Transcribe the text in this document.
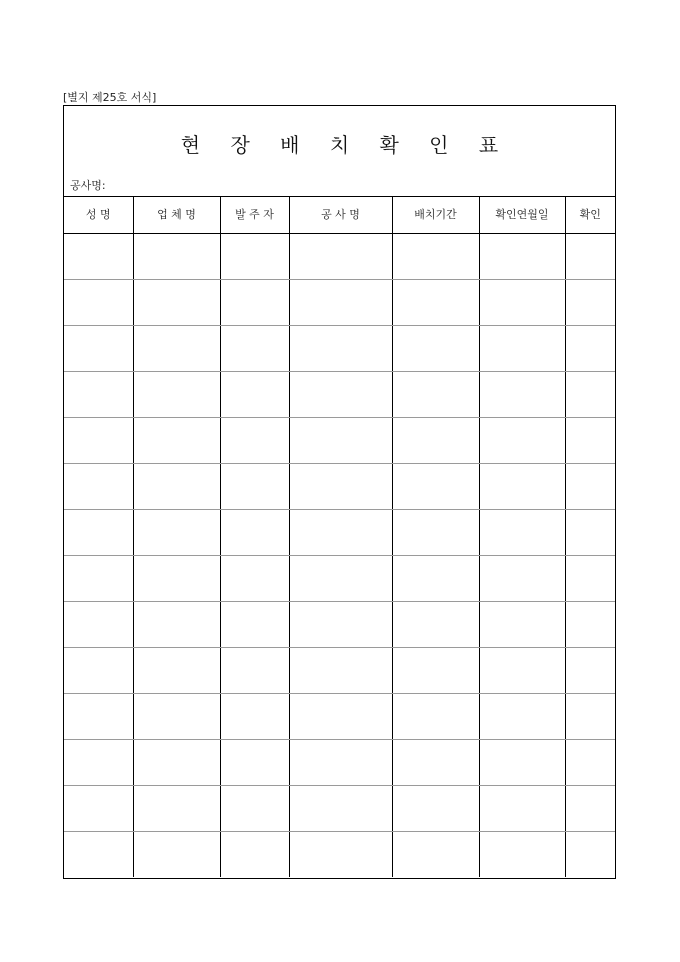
[별지 제25호 서식]
현 장 배 치 확 인 표
공사명:
성 명	업 체 명	발 주 자	공 사 명	배치기간	확인연월일	확인
